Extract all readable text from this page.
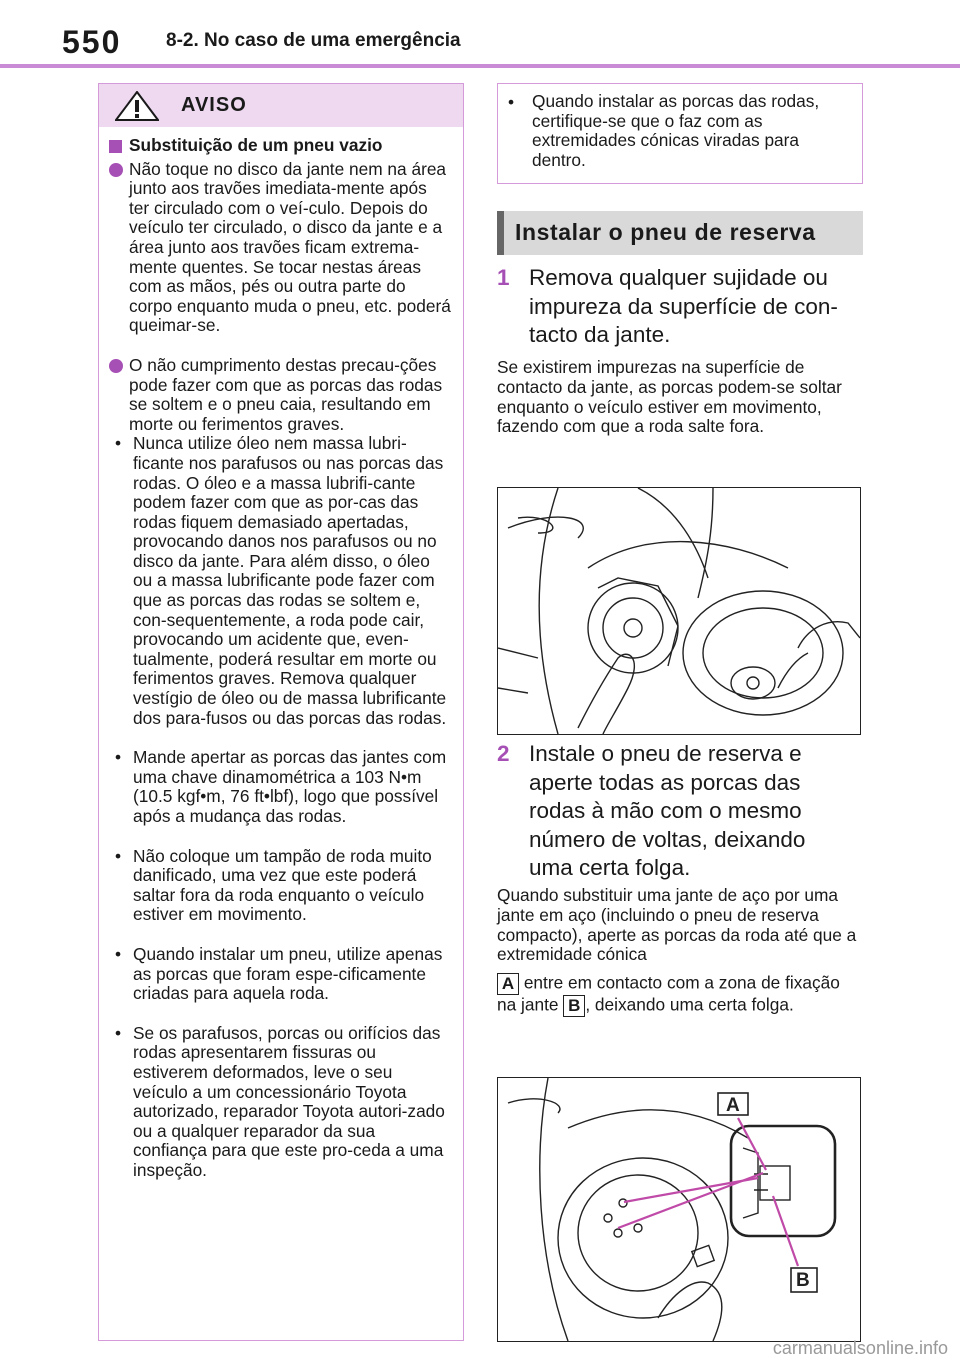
550 8-2. No caso de uma emergência
AVISO
Substituição de um pneu vazio
Não toque no disco da jante nem na área junto aos travões imediata-mente após ter circulado com o veí-culo. Depois do veículo ter circulado, o disco da jante e a área junto aos travões ficam extrema-mente quentes. Se tocar nestas áreas com as mãos, pés ou outra parte do corpo enquanto muda o pneu, etc. poderá queimar-se.
O não cumprimento destas precau-ções pode fazer com que as porcas das rodas se soltem e o pneu caia, resultando em morte ou ferimentos graves.
• Nunca utilize óleo nem massa lubri-ficante nos parafusos ou nas porcas das rodas. O óleo e a massa lubrifi-cante podem fazer com que as por-cas das rodas fiquem demasiado apertadas, provocando danos nos parafusos ou no disco da jante. Para além disso, o óleo ou a massa lubrificante pode fazer com que as porcas das rodas se soltem e, con-sequentemente, a roda pode cair, provocando um acidente que, even-tualmente, poderá resultar em morte ou ferimentos graves. Remova qualquer vestígio de óleo ou de massa lubrificante dos para-fusos ou das porcas das rodas.
• Mande apertar as porcas das jantes com uma chave dinamométrica a 103 N•m (10.5 kgf•m, 76 ft•lbf), logo que possível após a mudança das rodas.
• Não coloque um tampão de roda muito danificado, uma vez que este poderá saltar fora da roda enquanto o veículo estiver em movimento.
• Quando instalar um pneu, utilize apenas as porcas que foram espe-cificamente criadas para aquela roda.
• Se os parafusos, porcas ou orifícios das rodas apresentarem fissuras ou estiverem deformados, leve o seu veículo a um concessionário Toyota autorizado, reparador Toyota autori-zado ou a qualquer reparador da sua confiança para que este pro-ceda a uma inspeção.
• Quando instalar as porcas das rodas, certifique-se que o faz com as extremidades cónicas viradas para dentro.
Instalar o pneu de reserva
1 Remova qualquer sujidade ou impureza da superfície de con-tacto da jante.
Se existirem impurezas na superfície de contacto da jante, as porcas podem-se soltar enquanto o veículo estiver em movimento, fazendo com que a roda salte fora.
2 Instale o pneu de reserva e aperte todas as porcas das rodas à mão com o mesmo número de voltas, deixando uma certa folga.
Quando substituir uma jante de aço por uma jante em aço (incluindo o pneu de reserva compacto), aperte as porcas da roda até que a extremidade cónica
A entre em contacto com a zona de fixação na jante B , deixando uma certa folga.
A
B
carmanualsonline.info
